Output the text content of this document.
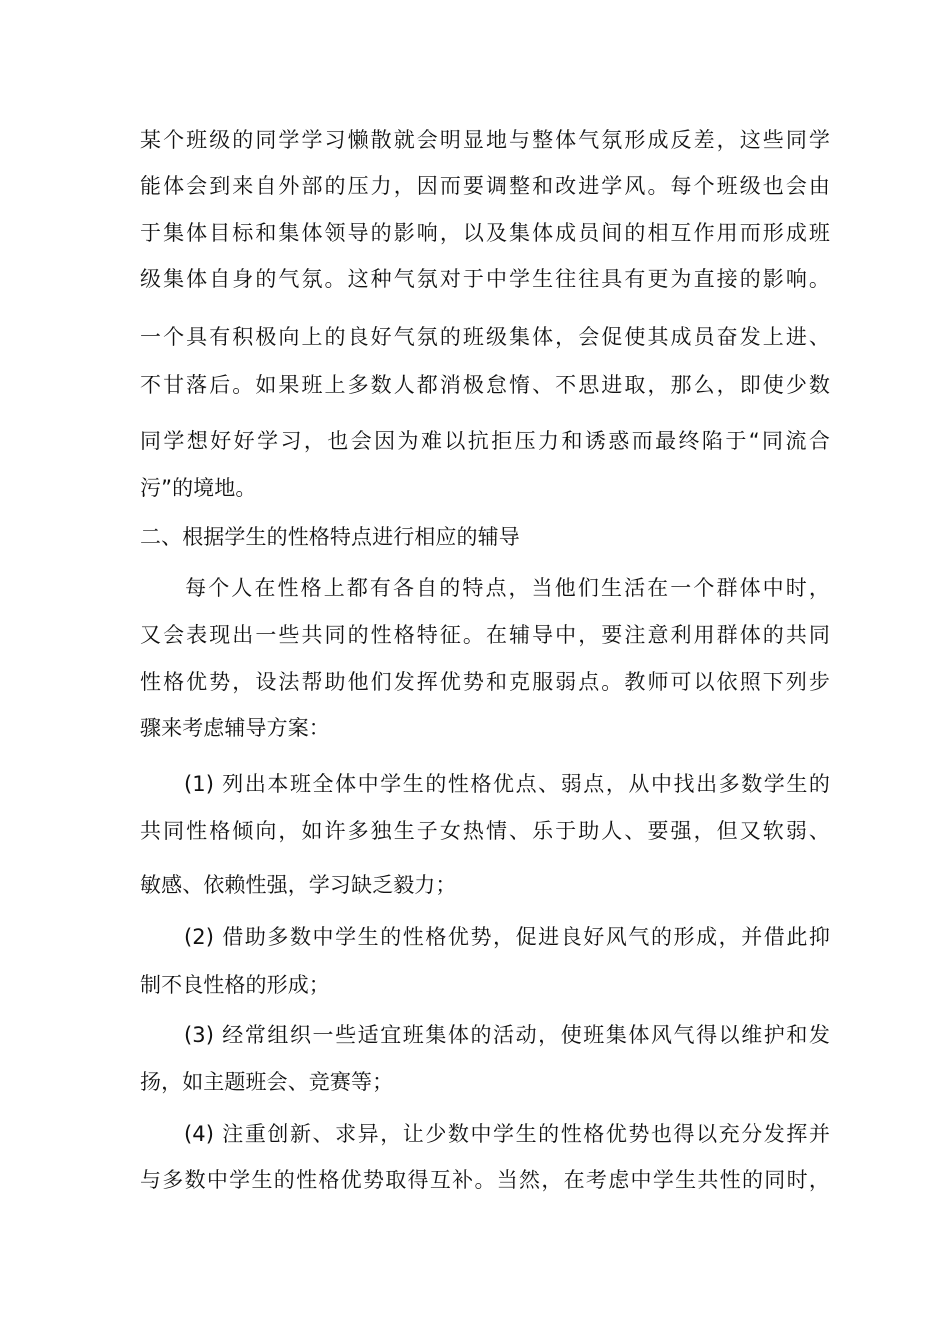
某个班级的同学学习懒散就会明显地与整体气氛形成反差，这些同学
能体会到来自外部的压力，因而要调整和改进学风。每个班级也会由
于集体目标和集体领导的影响，以及集体成员间的相互作用而形成班
级集体自身的气氛。这种气氛对于中学生往往具有更为直接的影响。
一个具有积极向上的良好气氛的班级集体，会促使其成员奋发上进、
不甘落后。如果班上多数人都消极怠惰、不思进取，那么，即使少数
同学想好好学习，也会因为难以抗拒压力和诱惑而最终陷于“同流合
污”的境地。
二、根据学生的性格特点进行相应的辅导
　每个人在性格上都有各自的特点，当他们生活在一个群体中时，
又会表现出一些共同的性格特征。在辅导中，要注意利用群体的共同
性格优势，设法帮助他们发挥优势和克服弱点。教师可以依照下列步
骤来考虑辅导方案：
(1) 列出本班全体中学生的性格优点、弱点，从中找出多数学生的
共同性格倾向，如许多独生子女热情、乐于助人、要强，但又软弱、
敏感、依赖性强，学习缺乏毅力；
(2) 借助多数中学生的性格优势，促进良好风气的形成，并借此抑
制不良性格的形成；
(3) 经常组织一些适宜班集体的活动，使班集体风气得以维护和发
扬，如主题班会、竞赛等；
(4) 注重创新、求异，让少数中学生的性格优势也得以充分发挥并
与多数中学生的性格优势取得互补。当然，在考虑中学生共性的同时，
